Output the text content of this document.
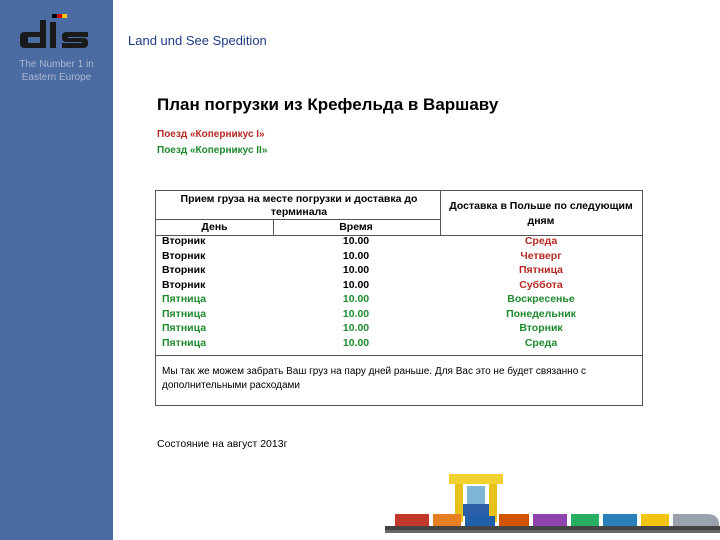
The Number 1 in
Eastern Europe
Land und See Spedition
План погрузки из Крефельда в Варшаву
Поезд «Коперникус I»
Поезд «Коперникус II»
Прием груза на месте погрузки и доставка до терминала	Доставка в Польше по следующим дням
День	Время
Вторник	10.00	Среда
Вторник	10.00	Четверг
Вторник	10.00	Пятница
Вторник	10.00	Суббота
Пятница	10.00	Воскресенье
Пятница	10.00	Понедельник
Пятница	10.00	Вторник
Пятница	10.00	Среда
Мы так же можем забрать Ваш груз на пару дней раньше. Для Вас это не будет связанно с дополнительными расходами
Состояние на август 2013г
